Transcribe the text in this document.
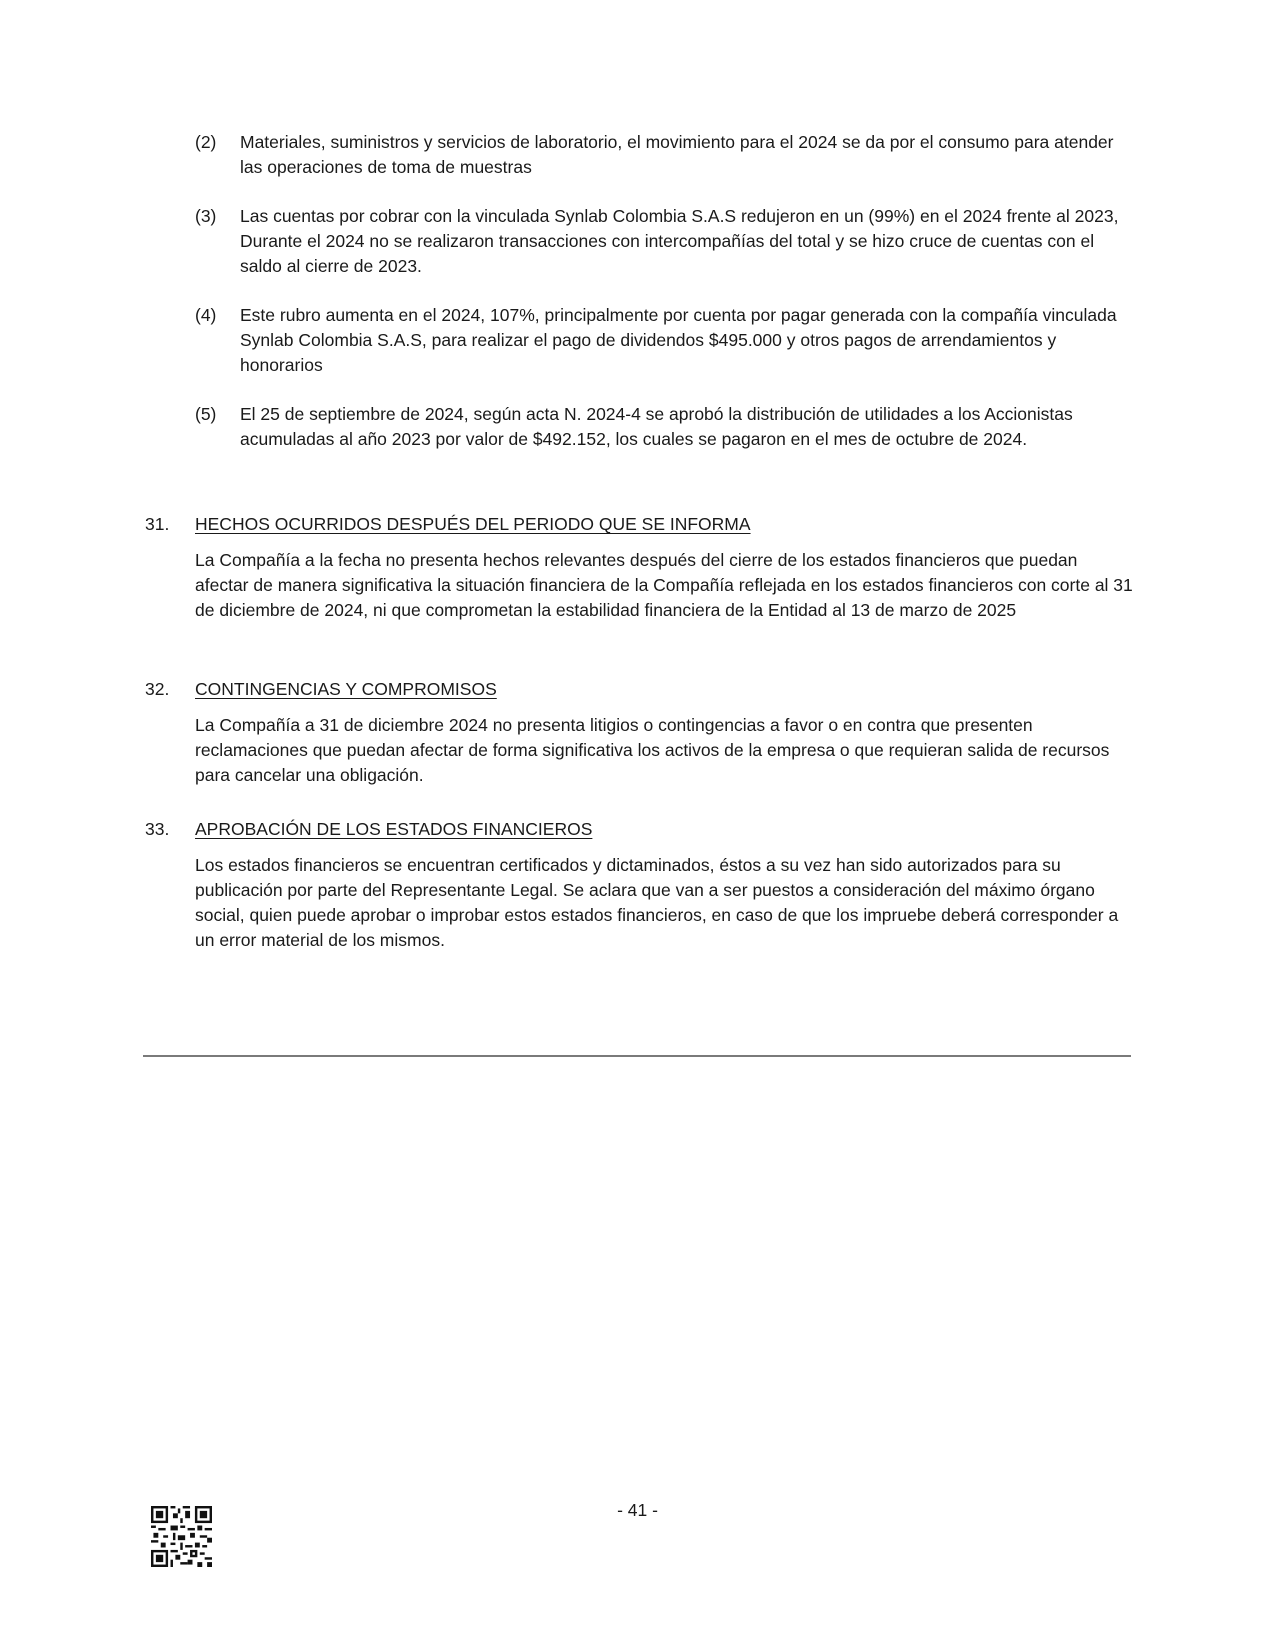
(2)	Materiales, suministros y servicios de laboratorio, el movimiento para el 2024 se da por el consumo para atender las operaciones de toma de muestras
(3)	Las cuentas por cobrar con la vinculada Synlab Colombia S.A.S redujeron en un (99%) en el 2024 frente al 2023, Durante el 2024 no se realizaron transacciones con intercompañías del total y se hizo cruce de cuentas con el saldo al cierre de 2023.
(4)	Este rubro aumenta en el 2024, 107%, principalmente por cuenta por pagar generada con la compañía vinculada Synlab Colombia S.A.S, para realizar el pago de dividendos $495.000 y otros pagos de arrendamientos y honorarios
(5)	El 25 de septiembre de 2024, según acta N. 2024-4 se aprobó la distribución de utilidades a los Accionistas acumuladas al año 2023 por valor de $492.152, los cuales se pagaron en el mes de octubre de 2024.
31.	HECHOS OCURRIDOS DESPUÉS DEL PERIODO QUE SE INFORMA
La Compañía a la fecha no presenta hechos relevantes después del cierre de los estados financieros que puedan afectar de manera significativa la situación financiera de la Compañía reflejada en los estados financieros con corte al 31 de diciembre de 2024, ni que comprometan la estabilidad financiera de la Entidad al 13 de marzo de 2025
32.	CONTINGENCIAS Y COMPROMISOS
La Compañía a 31 de diciembre 2024 no presenta litigios o contingencias a favor o en contra que presenten reclamaciones que puedan afectar de forma significativa los activos de la empresa o que requieran salida de recursos para cancelar una obligación.
33.	APROBACIÓN DE LOS ESTADOS FINANCIEROS
Los estados financieros se encuentran certificados y dictaminados, éstos a su vez han sido autorizados para su publicación por parte del Representante Legal. Se aclara que van a ser puestos a consideración del máximo órgano social, quien puede aprobar o improbar estos estados financieros, en caso de que los impruebe deberá corresponder a un error material de los mismos.
- 41 -
